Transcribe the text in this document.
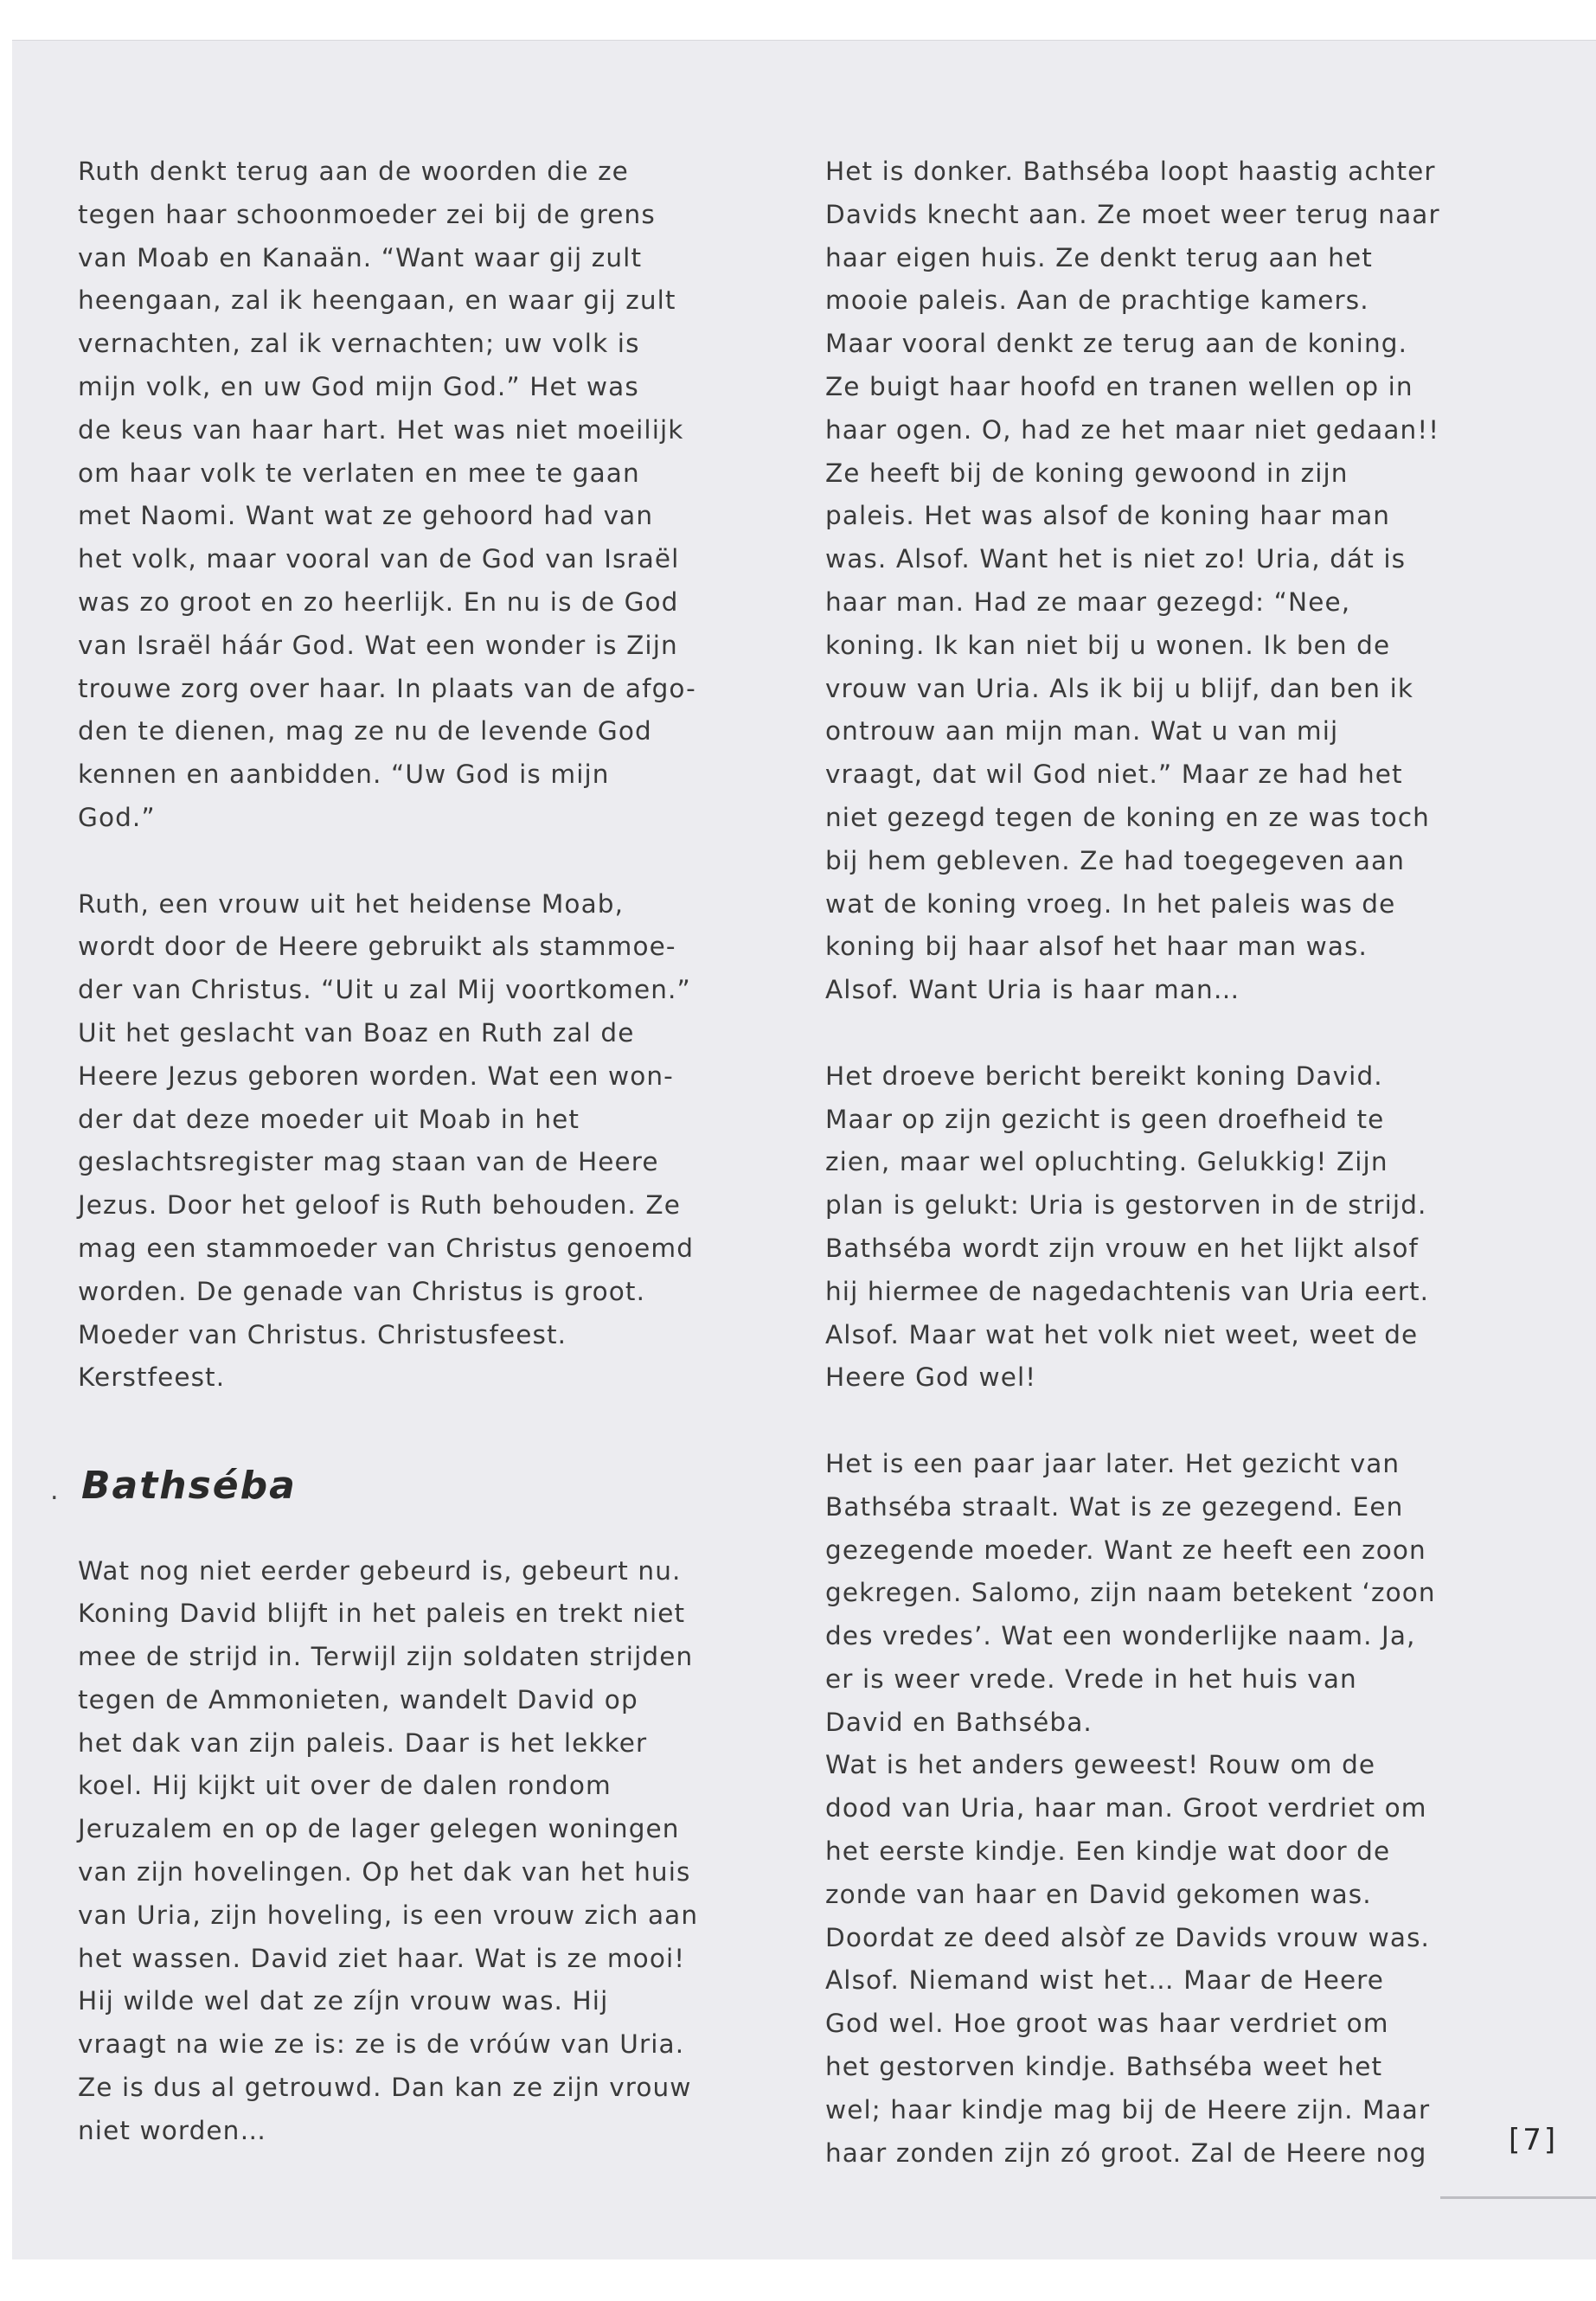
Ruth denkt terug aan de woorden die ze

tegen haar schoonmoeder zei bij de grens

van Moab en Kanaän. “Want waar gij zult

heengaan, zal ik heengaan, en waar gij zult

vernachten, zal ik vernachten; uw volk is

mijn volk, en uw God mijn God.” Het was

de keus van haar hart. Het was niet moeilijk

om haar volk te verlaten en mee te gaan

met Naomi. Want wat ze gehoord had van

het volk, maar vooral van de God van Israël

was zo groot en zo heerlijk. En nu is de God

van Israël háár God. Wat een wonder is Zijn

trouwe zorg over haar. In plaats van de afgo-

den te dienen, mag ze nu de levende God

kennen en aanbidden. “Uw God is mijn

God.”

Ruth, een vrouw uit het heidense Moab,

wordt door de Heere gebruikt als stammoe-

der van Christus. “Uit u zal Mij voortkomen.”

Uit het geslacht van Boaz en Ruth zal de

Heere Jezus geboren worden. Wat een won-

der dat deze moeder uit Moab in het

geslachtsregister mag staan van de Heere

Jezus. Door het geloof is Ruth behouden. Ze

mag een stammoeder van Christus genoemd

worden. De genade van Christus is groot.

Moeder van Christus. Christusfeest.

Kerstfeest.

Bathséba

Wat nog niet eerder gebeurd is, gebeurt nu.

Koning David blijft in het paleis en trekt niet

mee de strijd in. Terwijl zijn soldaten strijden

tegen de Ammonieten, wandelt David op

het dak van zijn paleis. Daar is het lekker

koel. Hij kijkt uit over de dalen rondom

Jeruzalem en op de lager gelegen woningen

van zijn hovelingen. Op het dak van het huis

van Uria, zijn hoveling, is een vrouw zich aan

het wassen. David ziet haar. Wat is ze mooi!

Hij wilde wel dat ze zíjn vrouw was. Hij

vraagt na wie ze is: ze is de vróúw van Uria.

Ze is dus al getrouwd. Dan kan ze zijn vrouw

niet worden…

.

Het is donker. Bathséba loopt haastig achter

Davids knecht aan. Ze moet weer terug naar

haar eigen huis. Ze denkt terug aan het

mooie paleis. Aan de prachtige kamers.

Maar vooral denkt ze terug aan de koning.

Ze buigt haar hoofd en tranen wellen op in

haar ogen. O, had ze het maar niet gedaan!!

Ze heeft bij de koning gewoond in zijn

paleis. Het was alsof de koning haar man

was. Alsof. Want het is niet zo! Uria, dát is

haar man. Had ze maar gezegd: “Nee,

koning. Ik kan niet bij u wonen. Ik ben de

vrouw van Uria. Als ik bij u blijf, dan ben ik

ontrouw aan mijn man. Wat u van mij

vraagt, dat wil God niet.” Maar ze had het

niet gezegd tegen de koning en ze was toch

bij hem gebleven. Ze had toegegeven aan

wat de koning vroeg. In het paleis was de

koning bij haar alsof het haar man was.

Alsof. Want Uria is haar man…

Het droeve bericht bereikt koning David.

Maar op zijn gezicht is geen droefheid te

zien, maar wel opluchting. Gelukkig! Zijn

plan is gelukt: Uria is gestorven in de strijd.

Bathséba wordt zijn vrouw en het lijkt alsof

hij hiermee de nagedachtenis van Uria eert.

Alsof. Maar wat het volk niet weet, weet de

Heere God wel!

Het is een paar jaar later. Het gezicht van

Bathséba straalt. Wat is ze gezegend. Een

gezegende moeder. Want ze heeft een zoon

gekregen. Salomo, zijn naam betekent ‘zoon

des vredes’. Wat een wonderlijke naam. Ja,

er is weer vrede. Vrede in het huis van

David en Bathséba.

Wat is het anders geweest! Rouw om de

dood van Uria, haar man. Groot verdriet om

het eerste kindje. Een kindje wat door de

zonde van haar en David gekomen was.

Doordat ze deed alsòf ze Davids vrouw was.

Alsof. Niemand wist het… Maar de Heere

God wel. Hoe groot was haar verdriet om

het gestorven kindje. Bathséba weet het

wel; haar kindje mag bij de Heere zijn. Maar

haar zonden zijn zó groot. Zal de Heere nog	[7]
